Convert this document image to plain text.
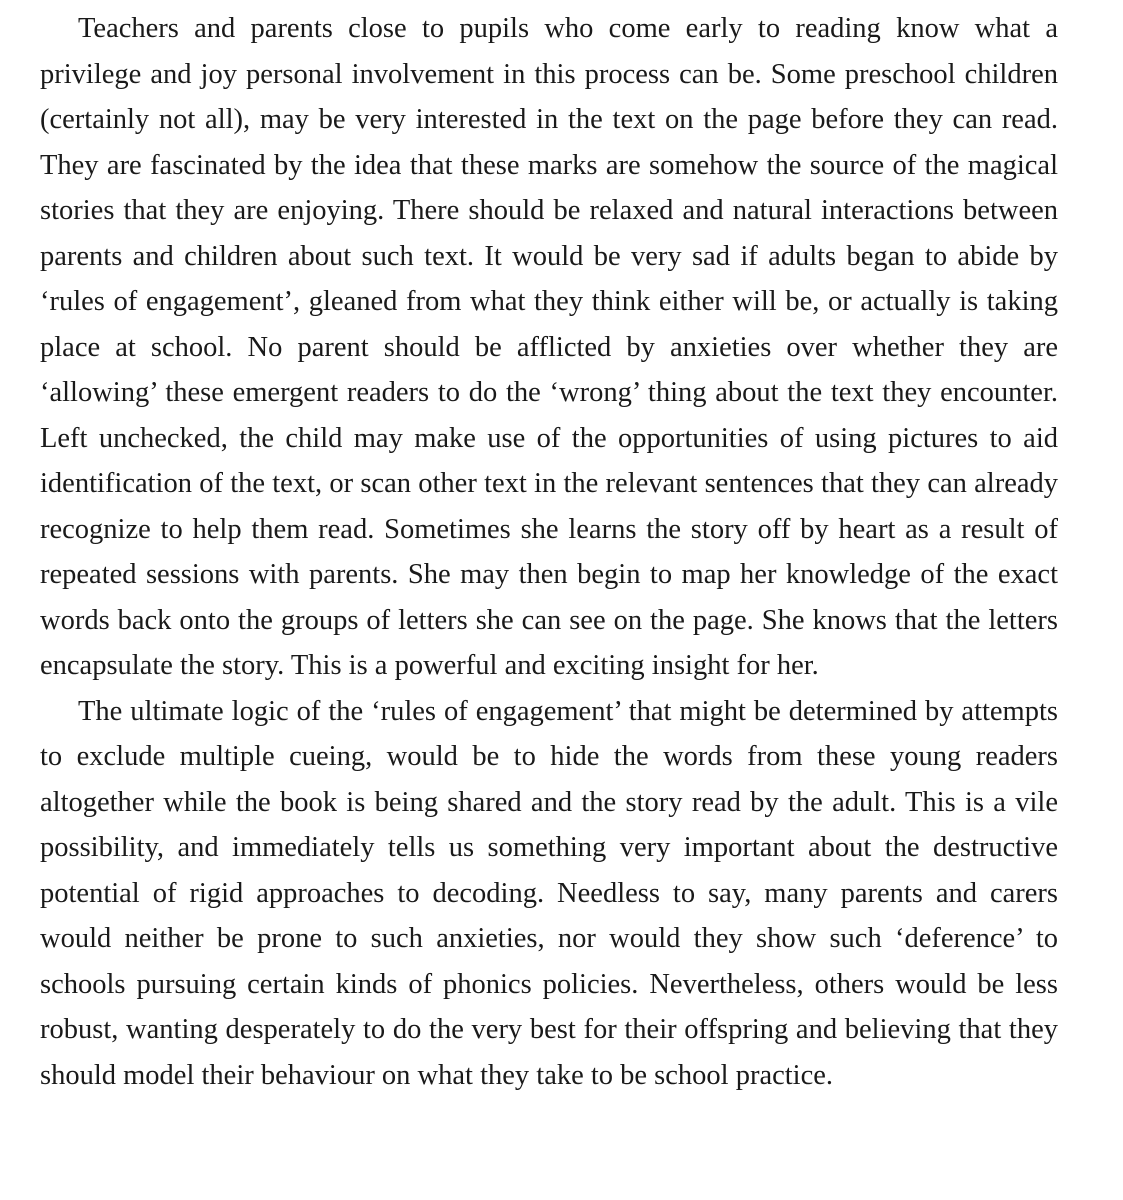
Teachers and parents close to pupils who come early to reading know what a privilege and joy personal involvement in this process can be. Some preschool children (certainly not all), may be very interested in the text on the page before they can read. They are fascinated by the idea that these marks are somehow the source of the magical stories that they are enjoying. There should be relaxed and natural interactions between parents and children about such text. It would be very sad if adults began to abide by ‘rules of engagement’, gleaned from what they think either will be, or actually is taking place at school. No parent should be afflicted by anxieties over whether they are ‘allowing’ these emergent readers to do the ‘wrong’ thing about the text they encounter. Left unchecked, the child may make use of the opportunities of using pictures to aid identification of the text, or scan other text in the relevant sentences that they can already recognize to help them read. Sometimes she learns the story off by heart as a result of repeated sessions with parents. She may then begin to map her knowledge of the exact words back onto the groups of letters she can see on the page. She knows that the letters encapsulate the story. This is a powerful and exciting insight for her.

The ultimate logic of the ‘rules of engagement’ that might be determined by attempts to exclude multiple cueing, would be to hide the words from these young readers altogether while the book is being shared and the story read by the adult. This is a vile possibility, and immediately tells us something very important about the destructive potential of rigid approaches to decoding. Needless to say, many parents and carers would neither be prone to such anxieties, nor would they show such ‘deference’ to schools pursuing certain kinds of phonics policies. Nevertheless, others would be less robust, wanting desperately to do the very best for their offspring and believing that they should model their behaviour on what they take to be school practice.
